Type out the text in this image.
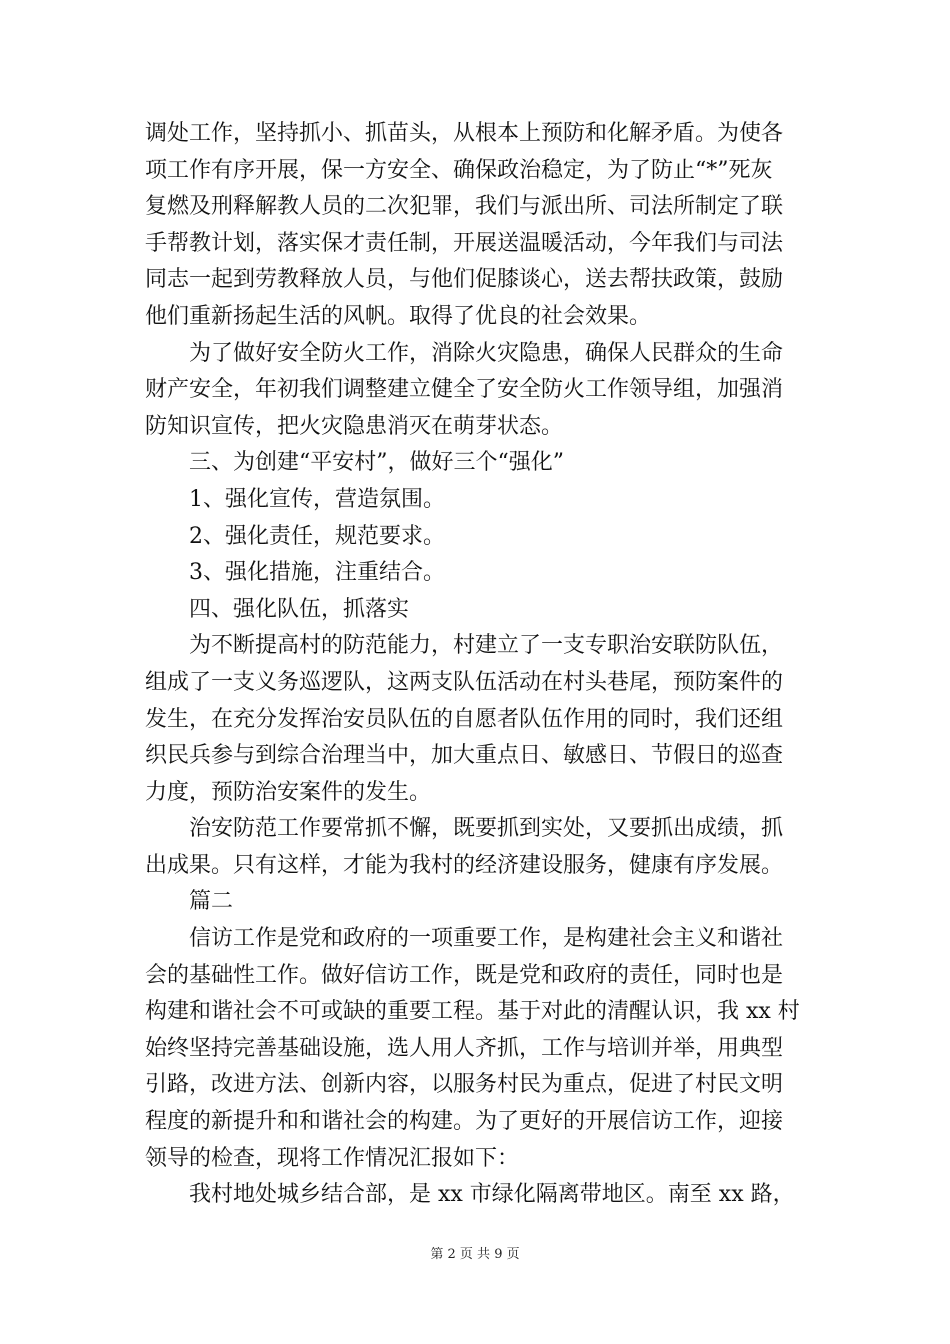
调处工作，坚持抓小、抓苗头，从根本上预防和化解矛盾。为使各
项工作有序开展，保一方安全、确保政治稳定，为了防止“*”死灰
复燃及刑释解教人员的二次犯罪，我们与派出所、司法所制定了联
手帮教计划，落实保才责任制，开展送温暖活动，今年我们与司法
同志一起到劳教释放人员，与他们促膝谈心，送去帮扶政策，鼓励
他们重新扬起生活的风帆。取得了优良的社会效果。
为了做好安全防火工作，消除火灾隐患，确保人民群众的生命
财产安全，年初我们调整建立健全了安全防火工作领导组，加强消
防知识宣传，把火灾隐患消灭在萌芽状态。
三、为创建“平安村”，做好三个“强化”
1、强化宣传，营造氛围。
2、强化责任，规范要求。
3、强化措施，注重结合。
四、强化队伍，抓落实
为不断提高村的防范能力，村建立了一支专职治安联防队伍，
组成了一支义务巡逻队，这两支队伍活动在村头巷尾，预防案件的
发生，在充分发挥治安员队伍的自愿者队伍作用的同时，我们还组
织民兵参与到综合治理当中，加大重点日、敏感日、节假日的巡查
力度，预防治安案件的发生。
治安防范工作要常抓不懈，既要抓到实处，又要抓出成绩，抓
出成果。只有这样，才能为我村的经济建设服务，健康有序发展。
篇二
信访工作是党和政府的一项重要工作，是构建社会主义和谐社
会的基础性工作。做好信访工作，既是党和政府的责任，同时也是
构建和谐社会不可或缺的重要工程。基于对此的清醒认识，我 xx 村
始终坚持完善基础设施，选人用人齐抓，工作与培训并举，用典型
引路，改进方法、创新内容，以服务村民为重点，促进了村民文明
程度的新提升和和谐社会的构建。为了更好的开展信访工作，迎接
领导的检查，现将工作情况汇报如下：
我村地处城乡结合部，是 xx 市绿化隔离带地区。南至 xx 路，

第 2 页 共 9 页
